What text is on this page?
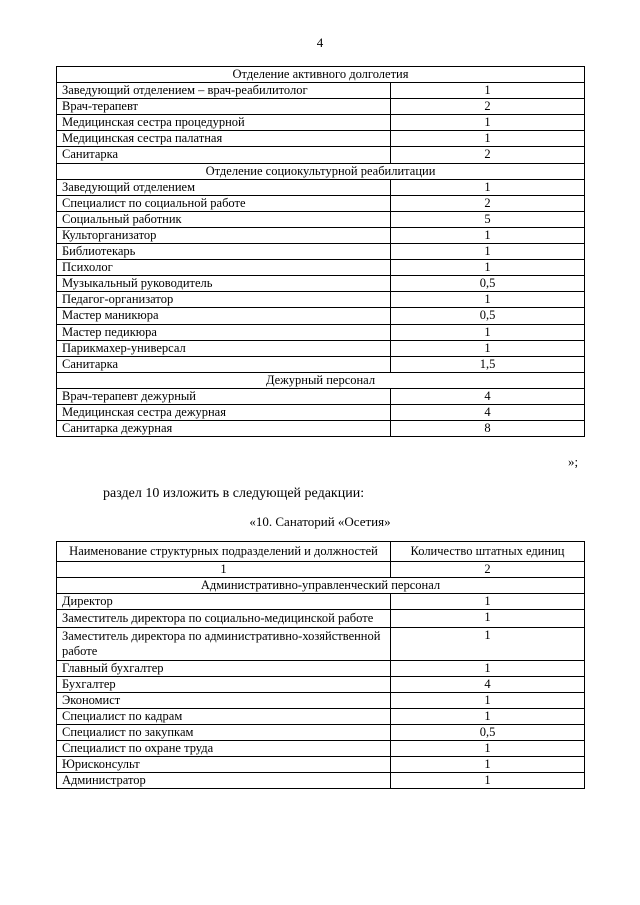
4
Отделение активного долголетия	
Заведующий отделением – врач-реабилитолог	1
Врач-терапевт	2
Медицинская сестра процедурной	1
Медицинская сестра палатная	1
Санитарка	2
Отделение социокультурной реабилитации	
Заведующий отделением	1
Специалист по социальной работе	2
Социальный работник	5
Культорганизатор	1
Библиотекарь	1
Психолог	1
Музыкальный руководитель	0,5
Педагог-организатор	1
Мастер маникюра	0,5
Мастер педикюра	1
Парикмахер-универсал	1
Санитарка	1,5
Дежурный персонал	
Врач-терапевт дежурный	4
Медицинская сестра дежурная	4
Санитарка дежурная	8
»;
раздел 10 изложить в следующей редакции:
«10. Санаторий «Осетия»
Наименование структурных подразделений и должностей	Количество штатных единиц
1	2
Административно-управленческий персонал	
Директор	1
Заместитель директора по социально-медицинской работе	1
Заместитель директора по административно-хозяйственной работе	1
Главный бухгалтер	1
Бухгалтер	4
Экономист	1
Специалист по кадрам	1
Специалист по закупкам	0,5
Специалист по охране труда	1
Юрисконсульт	1
Администратор	1
